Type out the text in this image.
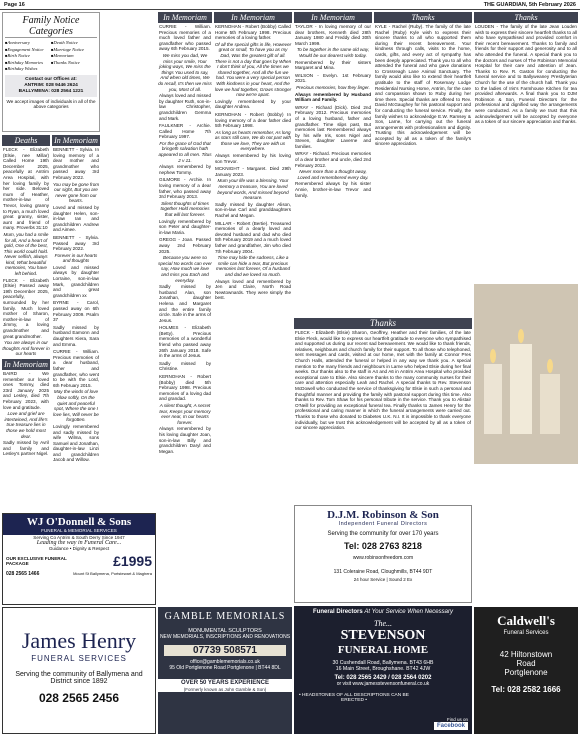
Page 16	THE GUARDIAN, 5th February 2026
Family Notice Categories
■ Anniversary	■ Death Notice
■ Engagement Notice	■ Marriage Notice
■ Birth Notice	■ Memoriam
■ Birthday Memories	■ Thanks Notice
■ Birthday Wishes
Contact our Offices at:
ANTRIM: 028 9446 2624
BALLYMENA: 028 2564 1221
We accept images of individuals in all of the above categories
Deaths
FLECK - Elizabeth (Elsie, nee Millar) Called Home 19th December 2025, peacefully at Antrim Area Hospital, with her loving family by her side. Beloved mum of Heather, mother-in-law of Trevor, loving granny to Ryan, a much loved great granny, sister, aunt and friend of many. Proverbs 31:10
Mum, you had a smile for all, And a heart of gold, One of the best, This world could hold. Never selfish, always kind, What beautiful memories, You have left behind.
FLECK - Elizabeth (Elsie) Passed away 19th December 2025, peacefully, surrounded by her family. Much loved mother of Sharon, mother-in-law of Jimmy, a loving grandmother and great grandmother.
You are always in our thoughts And forever in our hearts
In Memoriam
BAIRD - We remember our loved ones Tommy, died 23rd January 2025 and Lesley, died 7th February 2023, with love and gratitude.
Love and grief are intertwined, And life's true treasure lies in those we hold most dear.
Sadly missed by Avril and family and Lesley's partner Nigel.
In Memoriam
BENNETT - Sylvia. In loving memory of a dear mother and grandmother who passed away 3rd February 2022.
You may be gone from our sight, But you are never gone from our hearts.
Loved and missed by daughter Helen, son-in-law Ian and grandchildren Andrew and Aimee.
BENNETT - Sylvia. Passed away 3rd February 2022.
Forever in our hearts and thoughts
Loved and missed always by daughter Lorraine, son-in-law Mark, grandchildren and great grandchildren xx
BYRNE - Carol, passed away on 6th February 2009. Psalm 37
Sadly missed by husband Eamonn and daughters Kiera, Sara and Emma.
CURRIE - William. Precious memories of a dear husband, father and grandfather, who went to be with the Lord, 6th February 2015.
May the winds of love blow softly, On the quiet and peaceful spot, Where the one I love lies, Will never be forgotten.
Lovingly remembered and sadly missed by wife Wilma, sons Samuel and Jonathan, daughter-in-law Linzi and grandchildren Jacob and Willow.
In Memoriam
CURRIE - William. Precious memories of a much loved father and grandfather who passed away 6th February 2015.
We miss you dad, We miss your smile, Your joking ways, We miss the things You used to say, And when old times, We do recall, It's then we miss you, Most of all.
Always loved and missed by daughter Ruth, son-in-law Christopher, grandchildren Gemma and Mark.
FAULKNER - Archie. Called Home 7th February 1997.
For the grace of God that bringeth salvation hath appeared to all men. Titus 2 v 11.
Always remembered by nephew Tommy.
GILMORE - Archie. In loving memory of a dear father, who passed away 3rd February 2013.
Silent thoughts of times together Hold memories that will last forever.
Lovingly remembered by son Peter and daughter-in-law Maria.
GREGG - Joan. Passed away 2nd February 2025.
Because you were so special No words can ever say, How much we love and miss you Each and everyday.
Sadly missed by husband Alan, son Jonathan, daughter Helena and Margaret and the entire family circle. Safe in the arms of Jesus.
HOLMES - Elizabeth (Betty). Precious memories of a wonderful friend who passed away 26th January 2018. Safe in the arms of Jesus.
Sadly missed by Christine.
KERNOHAN - Robert (Bobby) died 5th February 1998. Precious memories of a loving dad and grandad.
A silent thought, A secret tear, Keeps your memory ever near, In our hearts forever.
Always remembered by his loving daughter Joan, son-in-law Billy and grandchildren Daryl and Megan.
In Memoriam
KERNOHAN - Robert (Bobby) Called Home 5th February 1998. Precious memories of a loving father.
Of all the special gifts in life, However great or small, To have you as my Dad, Was the greatest gift of all. There is not a day that goes by When I don't think of you, All the times we shared together, And all the fun we had. You were a very special person With kindness in your heart, And the love we had together, Grows stronger now we're apart.
Lovingly remembered by your daughter Andrea.
KERNOHAN - Robert (Bobby) In loving memory of a dear father died 5th February 1998.
As long as hearts remember, As long as stars still care, We do not part with those we love, They are with us everywhere.
Always remembered by his loving son Trevor.
MCKNIGHT - Margaret. Died 29th January 2023.
Mum your life was a blessing, Your memory a treasure, You are loved beyond words, And missed beyond measure.
Sadly missed by daughter Alison, son-in-law Carl and granddaughters Rachel and Megan.
MILLAR - Robert (Bertie). Treasured memories of a dearly loved and devoted husband and dad who died 5th February 2019 and a much loved father and grandfather, Jim who died 7th February 2004.
Time may hide the sadness, Like a smile can hide a tear, But precious memories last forever, Of a husband and dad we loved so much.
Always loved and remembered by Jen and Claire, North Road Newtownards. They were simply the best.
In Memoriam
TAYLOR - In loving memory of our dear brothers, Kenneth died 28th January 1980 and Freddy died 30th March 1999.
To be together in the same old way, Would be our dearest wish today.
Remembered by their sisters Margaret and Mina.
WILSON - Evelyn. 1st February 2021.
Precious memories, how they linger.
Always remembered by Husband William and Family.
WRAY - Richard (Dick). Died 2nd February 2012. Precious memories of a loving husband, father and grandfather. Time slips past, But memories last Remembered always by his wife Iris, sons Nigel and Steven, daughter Laverne and families.
WRAY - Richard. Precious memories of a dear brother and uncle, died 2nd February 2012.
Never more than a thought away, Loved and remembered every day.
Remembered always by his sister Annie, brother-in-law Trevor and family.
Thanks
KYLE - Rachel (Ruby). The family of the late Rachel (Ruby) Kyle wish to express their sincere thanks to all who supported them during their recent bereavement. Your kindness through calls, visits to the home, cards, gifts, and every act of sympathy has been deeply appreciated. Thank you to all who attended the funeral and who gave donations to Crossreagh Lane Animal Sanctuary. The family would also like to extend their heartfelt gratitude to the staff of Rosemary Lodge Residential Nursing Home, Antrim, for the care and compassion shown to Ruby during her time there. Special thanks are offered to Rev. David McGaughey for his pastoral support and for conducting the funeral service. Finally, the family wishes to acknowledge E.W. Ramsey & Son, Larne, for carrying out the funeral arrangements with professionalism and dignity. Trusting this acknowledgement will be accepted by all as a token of the family's sincere appreciation.
Thanks
FLECK - Elizabeth (Elsie) Sharon, Geoffrey, Heather and their families, of the late Elsie Fleck, would like to express our heartfelt gratitude to everyone who sympathised and supported us during our recent sad bereavement. We would like to thank friends, relatives, neighbours and church family for their support. To all those who telephoned, sent messages and cards, visited at our home, met with the family at Connor Pres Church Halls, attended the funeral or helped in any way we thank you. A special mention to the many friends and neighbours in Larne who helped Elsie during her final weeks. Our thanks also to the staff in A4 and A6 in Antrim Area Hospital who provided exceptional care to Elsie. Also sincere thanks to the many community nurses for their care and attention especially Leah and Rachel. A special thanks to Rev. Stevenson McDowell who conducted the service of thanksgiving for Elsie in such a personal and thoughtful manner and providing the family with pastoral support during this time. Also thanks to Rev. Tom Shaw for his personal tribute in the service. Thank you to Alistair O'Neill for providing an exceptional funeral tea. Finally thanks to James Henry for the professional and caring manner in which the funeral arrangements were carried out. Thanks to those who donated to Diabetes U.K. N.I. It is impossible to thank everyone individually, but we trust this acknowledgement will be accepted by all as a token of our sincere appreciation.
Thanks
LOUDEN - The family of the late Jean Louden wish to express their sincere heartfelt thanks to all who have sympathised and provided comfort in their recent bereavement. Thanks to family and friends for their support and generosity and to all who attended the funeral. A special thank you to the doctors and nurses of The Robinson Memorial Hospital for their care and attention of Jean. Thanks to Rev. R. Gaston for conducting the funeral service and to Ballyweaney Presbyterian Church for the use of the church hall. Thank you to the ladies of Iris's Farmhouse Kitchen for tea provided afterwards. A final thank you to DJM Robinson & Son, Funeral Directors for the professional and dignified way the arrangements were conducted. As a family we trust that this acknowledgement will be accepted by everyone as a token of our sincere appreciation and thanks.
WJ O'Donnell & Sons
FUNERAL & MEMORIAL SERVICES
Serving Co Antrim & South Derry Since 1947
Leading the way in Funeral Care...
Guidance • Dignity & Respect
OUR EXCLUSIVE FUNERAL PACKAGE	£1995
028 2565 1466	Mount St Ballymena, Portstewart & Maghera
James Henry
FUNERAL SERVICES
Serving the community of Ballymena and District since 1892
028 2565 2456
GAMBLE MEMORIALS
MONUMENTAL SCULPTORS
NEW MEMORIALS, INSCRIPTIONS AND RENOVATIONS
07739 508571
office@gamblememorials.co.uk
95 Old Portglenone Road Portglenone | BT44 8DL
OVER 50 YEARS EXPERIENCE
(Formerly known as John Gamble & Son)
D.J.M. Robinson & Son
Independent Funeral Directors
Serving the community for over 170 years
Tel: 028 2763 8218
www.robinsonfreedom.com
131 Coleraine Road, Cloughmills, BT44 9DT
24 hour Service | Sound 2 Ex
Funeral Directors At Your Service When Necessary
The...
STEVENSON
FUNERAL HOME
30 Cushendall Road, Ballymena. BT43 6HB
16 Main Street, Broughshane. BT42 4JW
Tel: 028 2565 2429 / 028 2564 0202
or visit www.jamesstevensonfuneral.co.uk
• HEADSTONES OF ALL DESCRIPTIONS CAN BE ERECTED •
Find us on
Facebook
Caldwell's
Funeral Services
42 Hiltonstown
Road
Portglenone
Tel: 028 2582 1666
